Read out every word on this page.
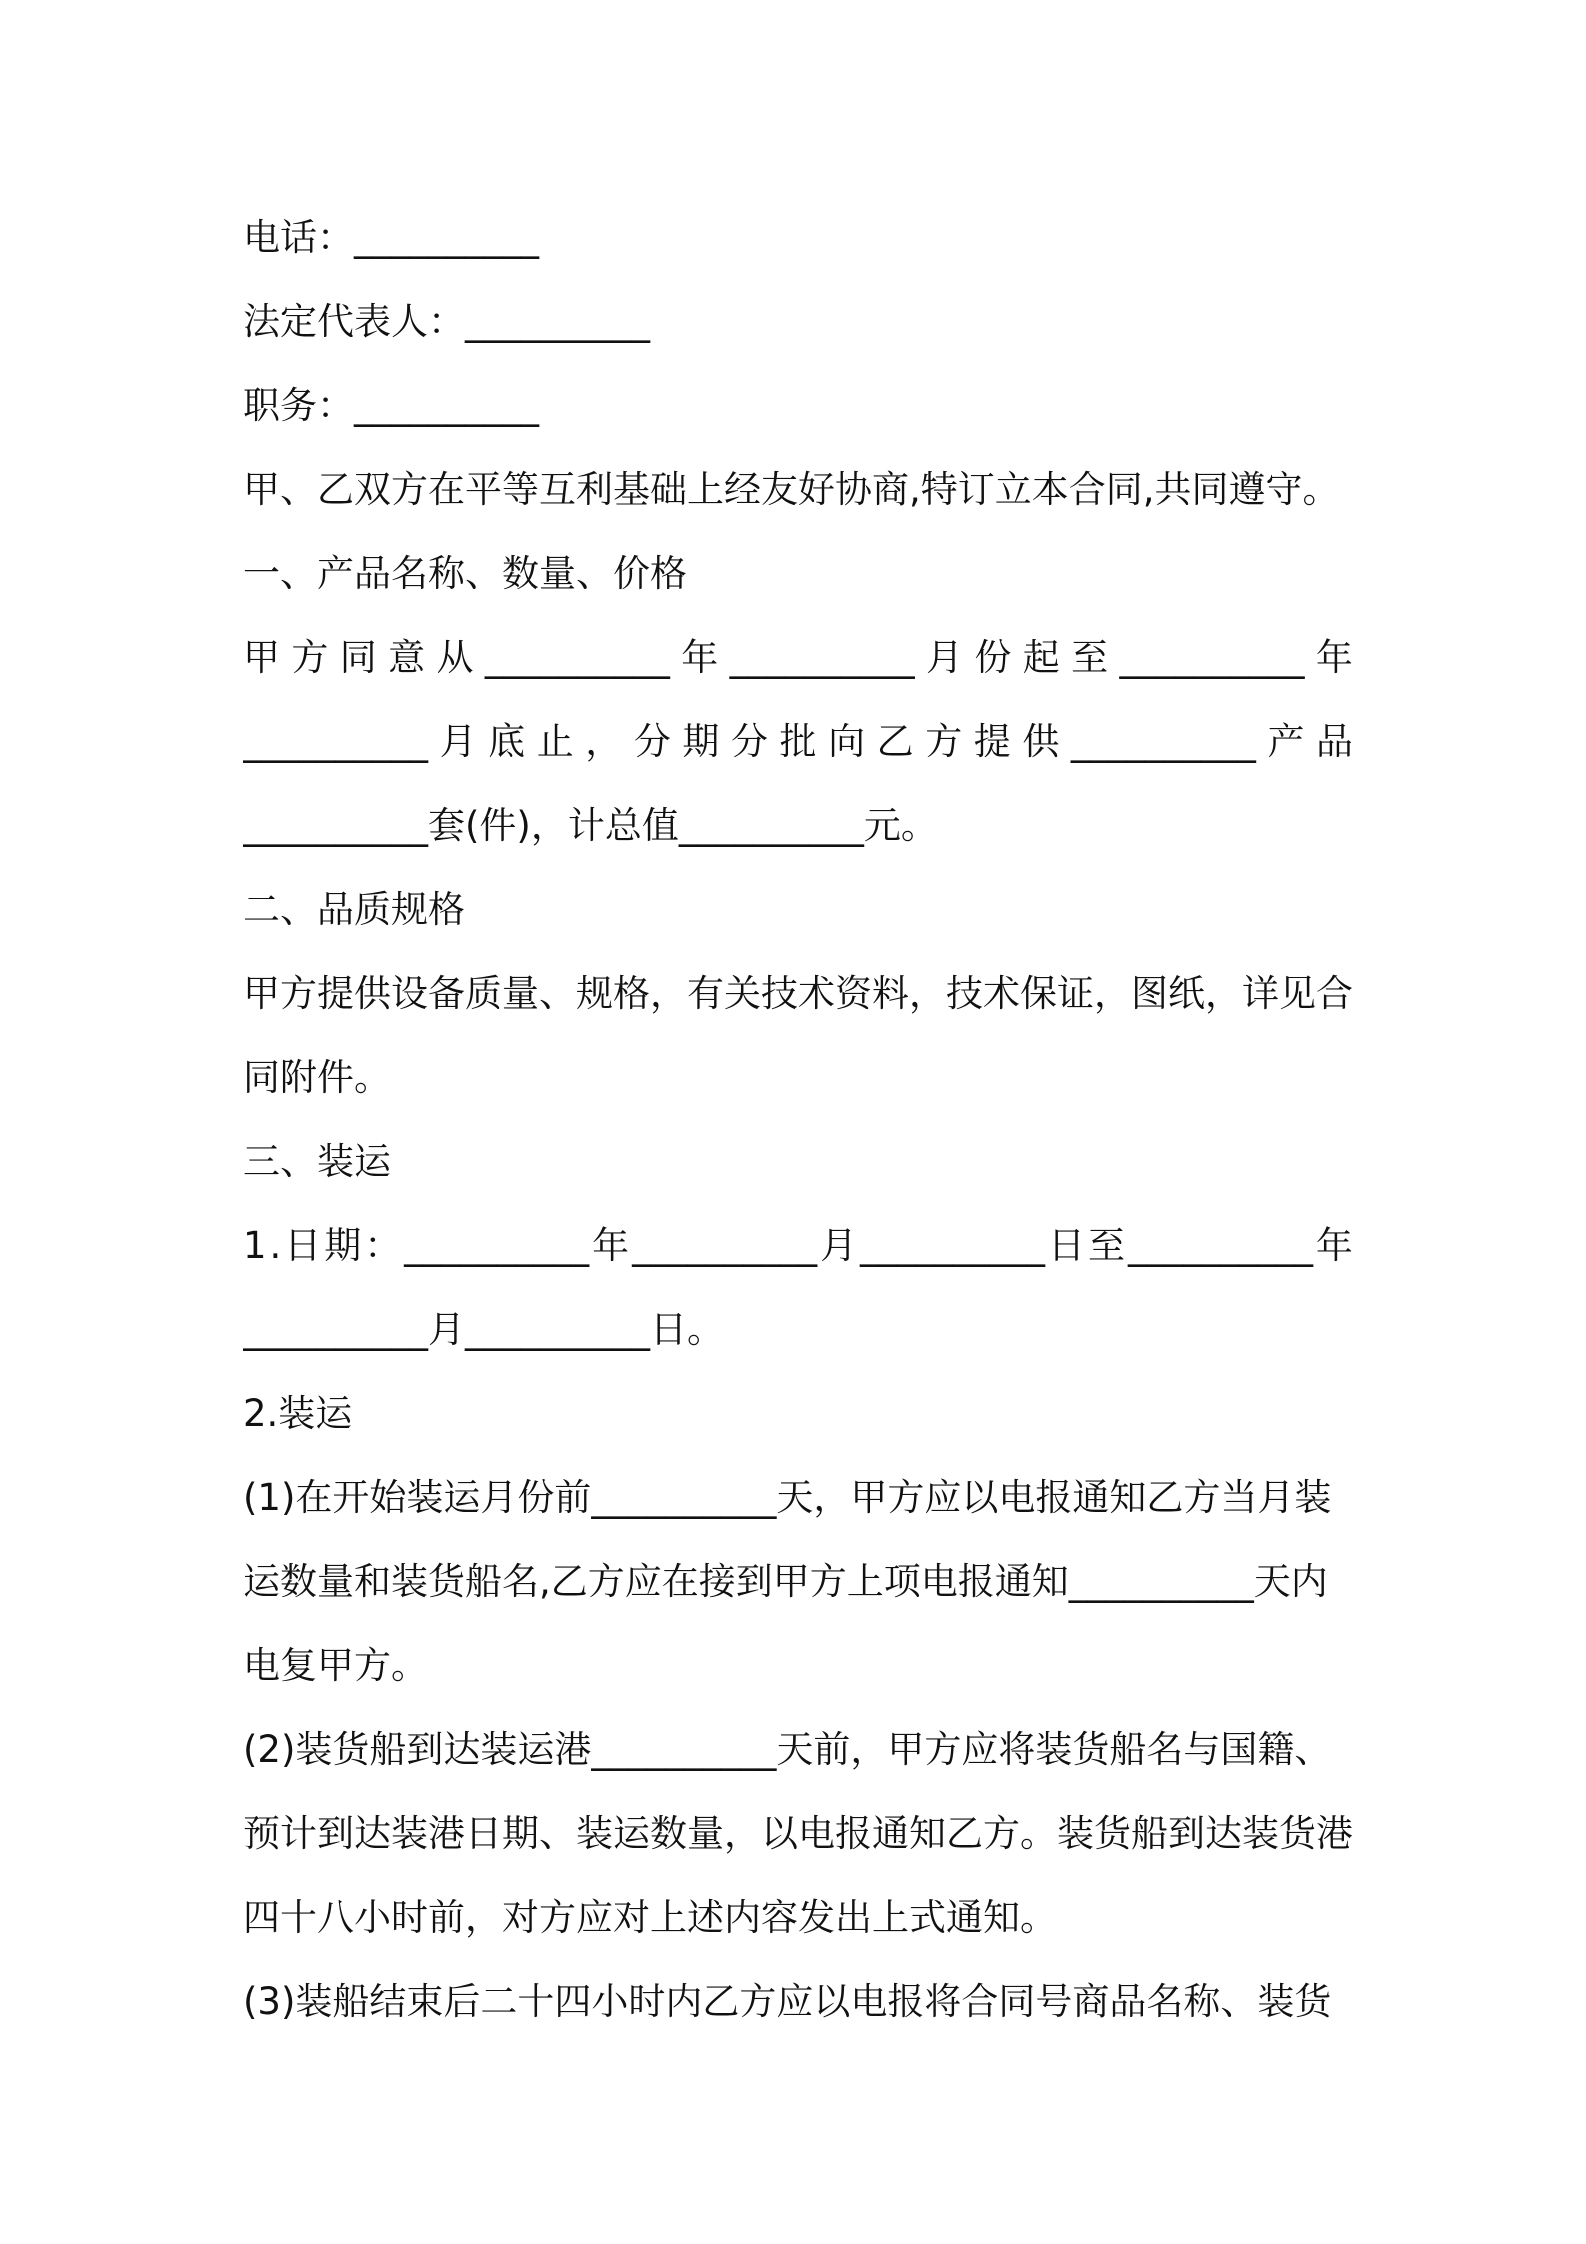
电话：__________
法定代表人：__________
职务：__________
甲、乙双方在平等互利基础上经友好协商,特订立本合同,共同遵守。
一、产品名称、数量、价格
甲 方 同 意 从 __________ 年 __________ 月 份 起 至 __________ 年
__________ 月 底 止 ， 分 期 分 批 向 乙 方 提 供 __________ 产 品
__________套(件)，计总值__________元。
二、品质规格
甲方提供设备质量、规格，有关技术资料，技术保证，图纸，详见合
同附件。
三、装运
1 . 日 期 ： __________ 年 __________ 月 __________ 日 至 __________ 年
__________月__________日。
2.装运
(1)在开始装运月份前__________天，甲方应以电报通知乙方当月装
运数量和装货船名,乙方应在接到甲方上项电报通知__________天内
电复甲方。
(2)装货船到达装运港__________天前，甲方应将装货船名与国籍、
预计到达装港日期、装运数量，以电报通知乙方。装货船到达装货港
四十八小时前，对方应对上述内容发出上式通知。
(3)装船结束后二十四小时内乙方应以电报将合同号商品名称、装货
